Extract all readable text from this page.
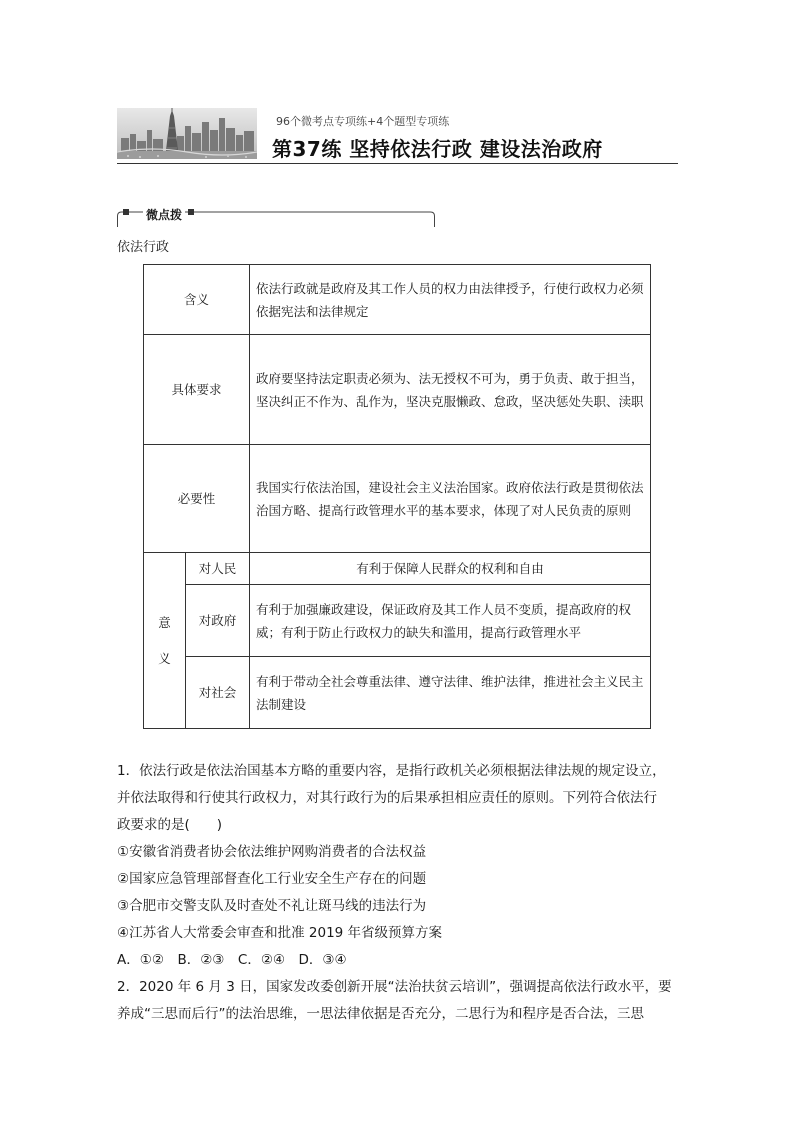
96个微考点专项练+4个题型专项练
第37练 坚持依法行政 建设法治政府
微点拨
依法行政
含义		依法行政就是政府及其工作人员的权力由法律授予，行使行政权力必须依据宪法和法律规定
具体要求		政府要坚持法定职责必须为、法无授权不可为，勇于负责、敢于担当，坚决纠正不作为、乱作为，坚决克服懒政、怠政，坚决惩处失职、渎职
必要性		我国实行依法治国，建设社会主义法治国家。政府依法行政是贯彻依法治国方略、提高行政管理水平的基本要求，体现了对人民负责的原则
意
义	对人民	有利于保障人民群众的权利和自由
	对政府	有利于加强廉政建设，保证政府及其工作人员不变质，提高政府的权威；有利于防止行政权力的缺失和滥用，提高行政管理水平
	对社会	有利于带动全社会尊重法律、遵守法律、维护法律，推进社会主义民主法制建设
1．依法行政是依法治国基本方略的重要内容，是指行政机关必须根据法律法规的规定设立，
并依法取得和行使其行政权力，对其行政行为的后果承担相应责任的原则。下列符合依法行
政要求的是(　　)
①安徽省消费者协会依法维护网购消费者的合法权益
②国家应急管理部督查化工行业安全生产存在的问题
③合肥市交警支队及时查处不礼让斑马线的违法行为
④江苏省人大常委会审查和批准 2019 年省级预算方案
A．①②　B．②③　C．②④　D．③④
2．2020 年 6 月 3 日，国家发改委创新开展“法治扶贫云培训”，强调提高依法行政水平，要
养成“三思而后行”的法治思维，一思法律依据是否充分，二思行为和程序是否合法，三思
